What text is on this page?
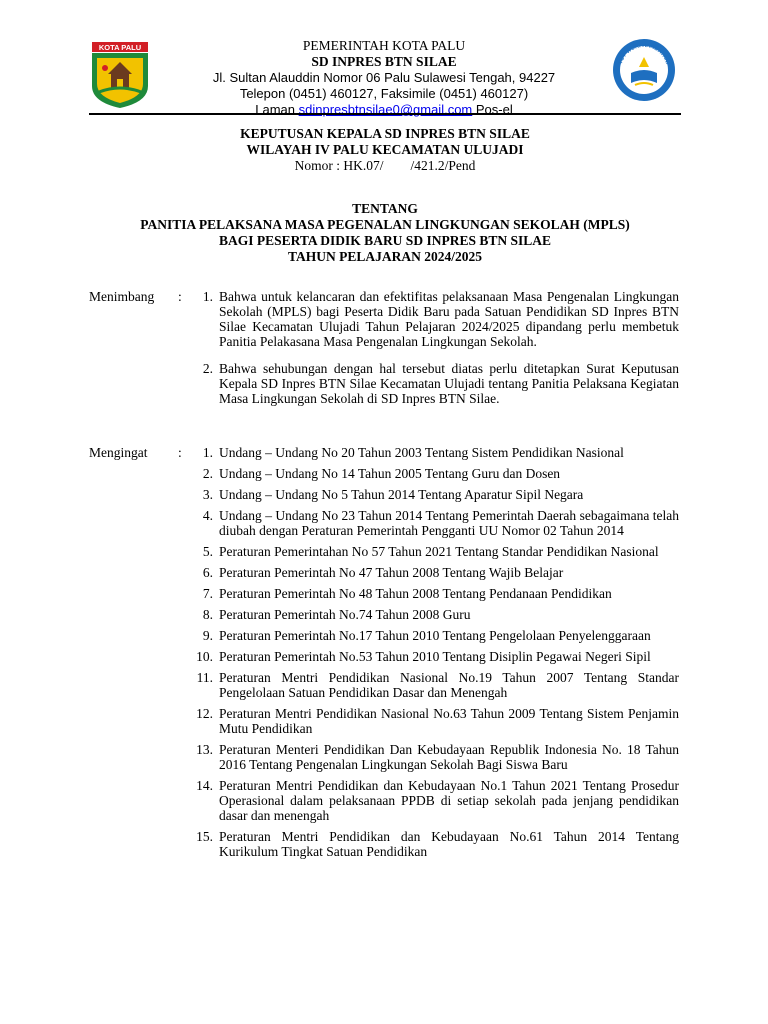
KOTA PALU	PEMERINTAH KOTA PALU
SD INPRES BTN SILAE
Jl. Sultan Alauddin Nomor 06 Palu Sulawesi Tengah, 94227
Telepon (0451) 460127, Faksimile (0451) 460127)
Laman sdinpresbtnsilae0@gmail.com Pos-el
TUT WURI HANDAYANI
KEPUTUSAN KEPALA SD INPRES BTN SILAE
WILAYAH IV PALU KECAMATAN ULUJADI
Nomor : HK.07/        /421.2/Pend
TENTANG
PANITIA PELAKSANA MASA PEGENALAN LINGKUNGAN SEKOLAH (MPLS)
BAGI PESERTA DIDIK BARU SD INPRES BTN SILAE
TAHUN PELAJARAN 2024/2025
Menimbang	:	1. Bahwa untuk kelancaran dan efektifitas pelaksanaan Masa Pengenalan Lingkungan Sekolah (MPLS) bagi Peserta Didik Baru pada Satuan Pendidikan SD Inpres BTN Silae Kecamatan Ulujadi Tahun Pelajaran 2024/2025 dipandang perlu membetuk Panitia Pelakasana Masa Pengenalan Lingkungan Sekolah.
2. Bahwa sehubungan dengan hal tersebut diatas perlu ditetapkan Surat Keputusan Kepala SD Inpres BTN Silae Kecamatan Ulujadi tentang Panitia Pelaksana Kegiatan Masa Lingkungan Sekolah di SD Inpres BTN Silae.
Mengingat	:	1. Undang – Undang No 20 Tahun 2003 Tentang Sistem Pendidikan Nasional
2. Undang – Undang No 14 Tahun 2005 Tentang Guru dan Dosen
3. Undang – Undang No 5 Tahun 2014 Tentang Aparatur Sipil Negara
4. Undang – Undang No 23 Tahun 2014 Tentang Pemerintah Daerah sebagaimana telah diubah dengan Peraturan Pemerintah Pengganti UU Nomor 02 Tahun 2014
5. Peraturan Pemerintahan No 57 Tahun 2021 Tentang Standar Pendidikan Nasional
6. Peraturan Pemerintah No 47 Tahun 2008 Tentang Wajib Belajar
7. Peraturan Pemerintah No 48 Tahun 2008 Tentang Pendanaan Pendidikan
8. Peraturan Pemerintah No.74 Tahun 2008 Guru
9. Peraturan Pemerintah No.17 Tahun 2010 Tentang Pengelolaan Penyelenggaraan
10. Peraturan Pemerintah No.53 Tahun 2010 Tentang Disiplin Pegawai Negeri Sipil
11. Peraturan Mentri Pendidikan Nasional No.19 Tahun 2007 Tentang Standar Pengelolaan Satuan Pendidikan Dasar dan Menengah
12. Peraturan Mentri Pendidikan Nasional No.63 Tahun 2009 Tentang Sistem Penjamin Mutu Pendidikan
13. Peraturan Menteri Pendidikan Dan Kebudayaan Republik Indonesia No. 18 Tahun 2016 Tentang Pengenalan Lingkungan Sekolah Bagi Siswa Baru
14. Peraturan Mentri Pendidikan dan Kebudayaan No.1 Tahun 2021 Tentang Prosedur Operasional dalam pelaksanaan PPDB di setiap sekolah pada jenjang pendidikan dasar dan menengah
15. Peraturan Mentri Pendidikan dan Kebudayaan No.61 Tahun 2014 Tentang Kurikulum Tingkat Satuan Pendidikan
